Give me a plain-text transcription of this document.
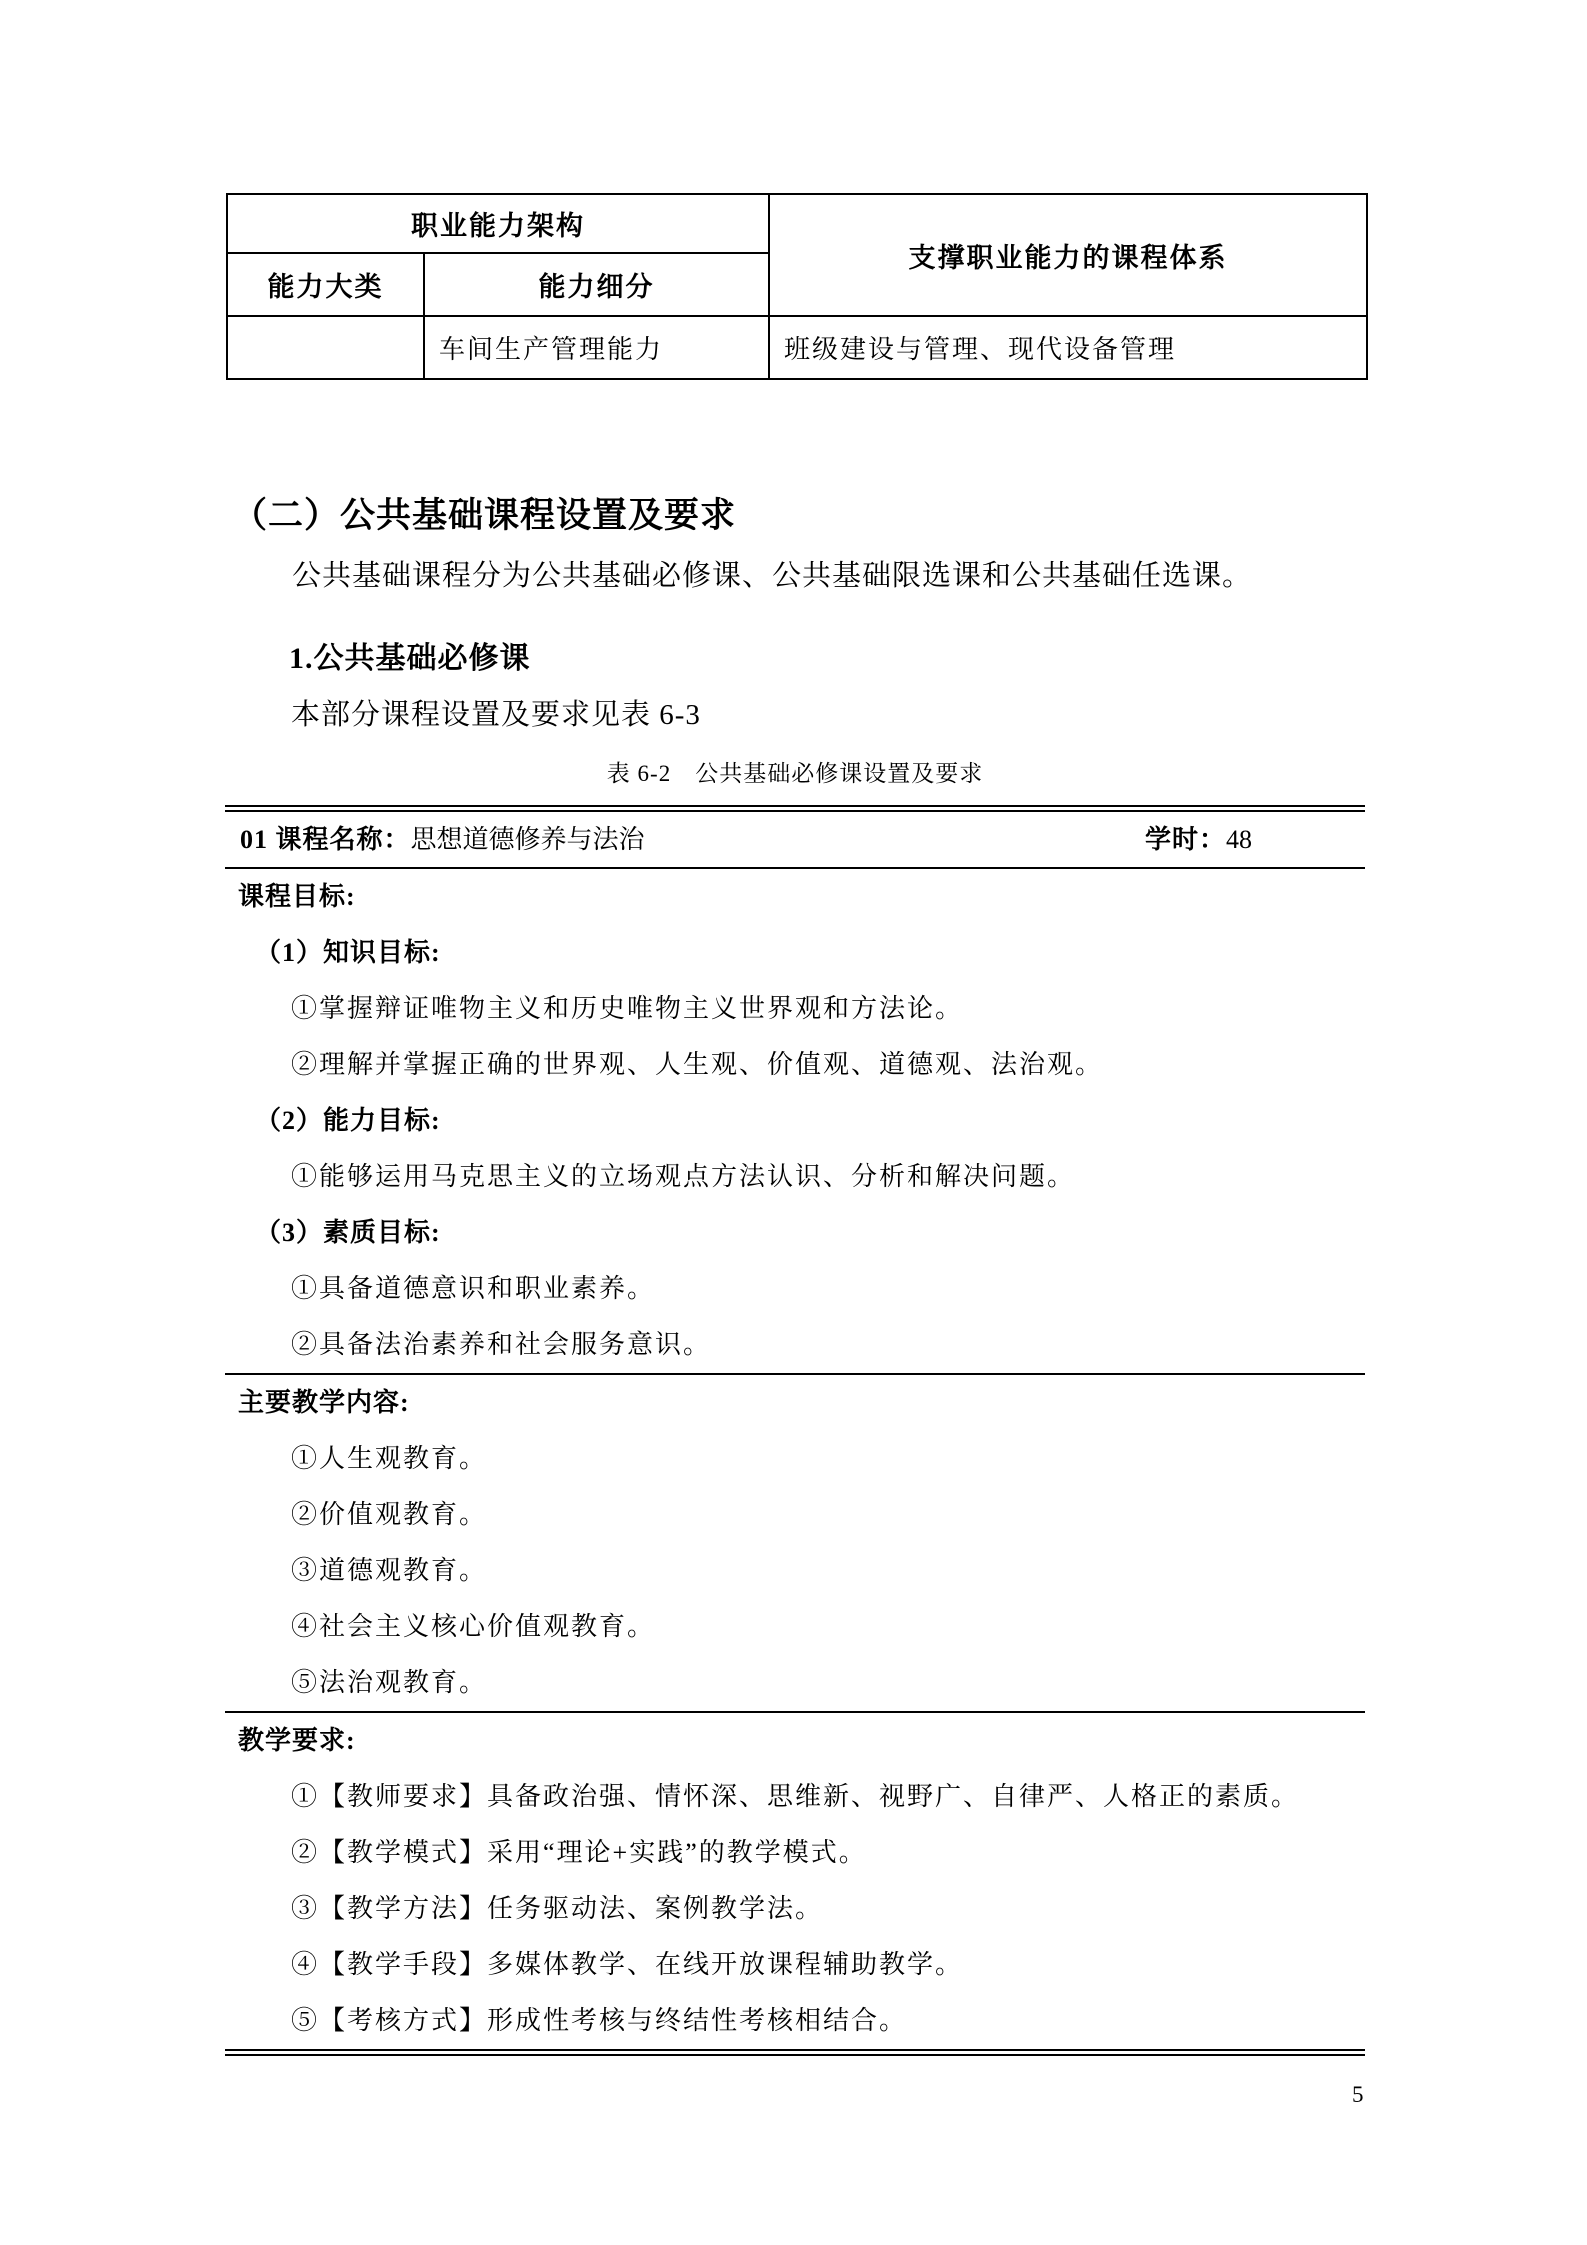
职业能力架构		支撑职业能力的课程体系
能力大类	能力细分	
	车间生产管理能力	班级建设与管理、现代设备管理
（二）公共基础课程设置及要求
公共基础课程分为公共基础必修课、公共基础限选课和公共基础任选课。
1.公共基础必修课
本部分课程设置及要求见表 6-3
表 6-2　公共基础必修课设置及要求
01 课程名称：思想道德修养与法治	学时：48

课程目标:

（1）知识目标:

①掌握辩证唯物主义和历史唯物主义世界观和方法论。

②理解并掌握正确的世界观、人生观、价值观、道德观、法治观。

（2）能力目标:

①能够运用马克思主义的立场观点方法认识、分析和解决问题。

（3）素质目标:

①具备道德意识和职业素养。

②具备法治素养和社会服务意识。

主要教学内容:

①人生观教育。

②价值观教育。

③道德观教育。

④社会主义核心价值观教育。

⑤法治观教育。

教学要求:

①【教师要求】具备政治强、情怀深、思维新、视野广、自律严、人格正的素质。

②【教学模式】采用“理论+实践”的教学模式。

③【教学方法】任务驱动法、案例教学法。

④【教学手段】多媒体教学、在线开放课程辅助教学。

⑤【考核方式】形成性考核与终结性考核相结合。

5
